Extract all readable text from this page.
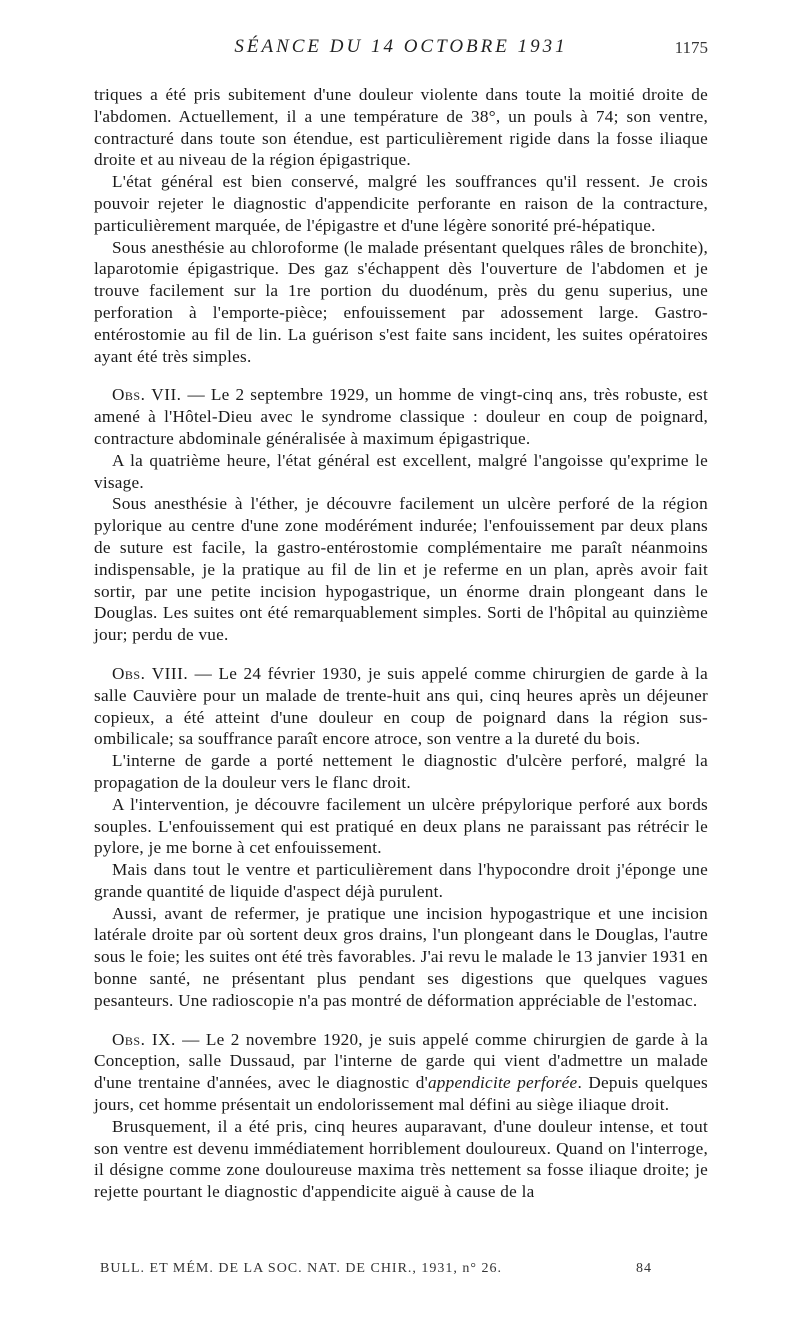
SÉANCE DU 14 OCTOBRE 1931	1175

triques a été pris subitement d'une douleur violente dans toute la moitié droite de l'abdomen. Actuellement, il a une température de 38°, un pouls à 74; son ventre, contracturé dans toute son étendue, est particulièrement rigide dans la fosse iliaque droite et au niveau de la région épigastrique.

L'état général est bien conservé, malgré les souffrances qu'il ressent. Je crois pouvoir rejeter le diagnostic d'appendicite perforante en raison de la contracture, particulièrement marquée, de l'épigastre et d'une légère sonorité pré-hépatique.

Sous anesthésie au chloroforme (le malade présentant quelques râles de bronchite), laparotomie épigastrique. Des gaz s'échappent dès l'ouverture de l'abdomen et je trouve facilement sur la 1re portion du duodénum, près du genu superius, une perforation à l'emporte-pièce; enfouissement par adossement large. Gastro-entérostomie au fil de lin. La guérison s'est faite sans incident, les suites opératoires ayant été très simples.

Obs. VII. — Le 2 septembre 1929, un homme de vingt-cinq ans, très robuste, est amené à l'Hôtel-Dieu avec le syndrome classique : douleur en coup de poignard, contracture abdominale généralisée à maximum épigastrique.

A la quatrième heure, l'état général est excellent, malgré l'angoisse qu'exprime le visage.

Sous anesthésie à l'éther, je découvre facilement un ulcère perforé de la région pylorique au centre d'une zone modérément indurée; l'enfouissement par deux plans de suture est facile, la gastro-entérostomie complémentaire me paraît néanmoins indispensable, je la pratique au fil de lin et je referme en un plan, après avoir fait sortir, par une petite incision hypogastrique, un énorme drain plongeant dans le Douglas. Les suites ont été remarquablement simples. Sorti de l'hôpital au quinzième jour; perdu de vue.

Obs. VIII. — Le 24 février 1930, je suis appelé comme chirurgien de garde à la salle Cauvière pour un malade de trente-huit ans qui, cinq heures après un déjeuner copieux, a été atteint d'une douleur en coup de poignard dans la région sus-ombilicale; sa souffrance paraît encore atroce, son ventre a la dureté du bois.

L'interne de garde a porté nettement le diagnostic d'ulcère perforé, malgré la propagation de la douleur vers le flanc droit.

A l'intervention, je découvre facilement un ulcère prépylorique perforé aux bords souples. L'enfouissement qui est pratiqué en deux plans ne paraissant pas rétrécir le pylore, je me borne à cet enfouissement.

Mais dans tout le ventre et particulièrement dans l'hypocondre droit j'éponge une grande quantité de liquide d'aspect déjà purulent.

Aussi, avant de refermer, je pratique une incision hypogastrique et une incision latérale droite par où sortent deux gros drains, l'un plongeant dans le Douglas, l'autre sous le foie; les suites ont été très favorables. J'ai revu le malade le 13 janvier 1931 en bonne santé, ne présentant plus pendant ses digestions que quelques vagues pesanteurs. Une radioscopie n'a pas montré de déformation appréciable de l'estomac.

Obs. IX. — Le 2 novembre 1920, je suis appelé comme chirurgien de garde à la Conception, salle Dussaud, par l'interne de garde qui vient d'admettre un malade d'une trentaine d'années, avec le diagnostic d'appendicite perforée. Depuis quelques jours, cet homme présentait un endolorissement mal défini au siège iliaque droit.

Brusquement, il a été pris, cinq heures auparavant, d'une douleur intense, et tout son ventre est devenu immédiatement horriblement douloureux. Quand on l'interroge, il désigne comme zone douloureuse maxima très nettement sa fosse iliaque droite; je rejette pourtant le diagnostic d'appendicite aiguë à cause de la

BULL. ET MÉM. DE LA SOC. NAT. DE CHIR., 1931, n° 26.	84
